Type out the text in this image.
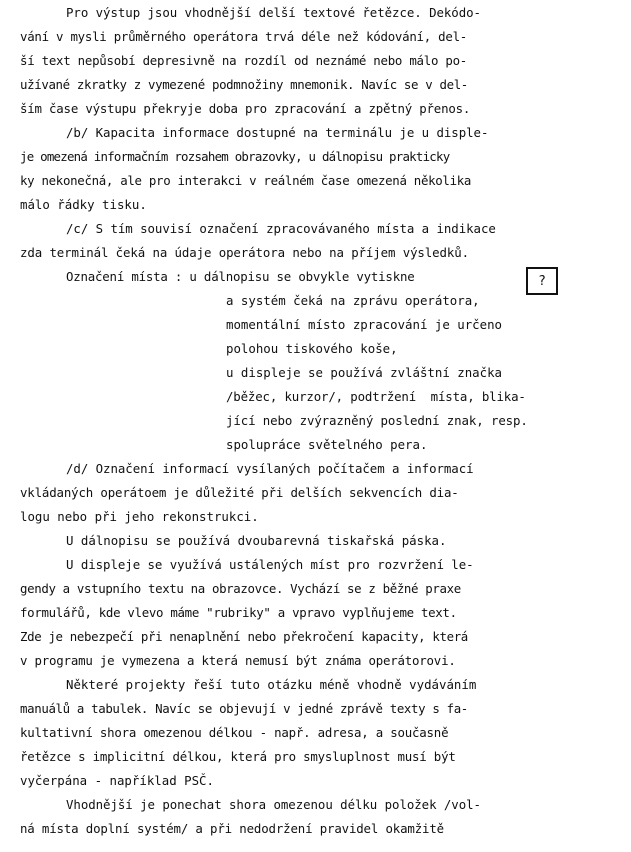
Pro výstup jsou vhodnější delší textové řetězce. Dekódo-
vání v mysli průměrného operátora trvá déle než kódování, del-
ší text nepůsobí depresivně na rozdíl od neznámé nebo málo po-
užívané zkratky z vymezené podmnožiny mnemonik. Navíc se v del-
ším čase výstupu překryje doba pro zpracování a zpětný přenos.
/b/ Kapacita informace dostupné na terminálu je u disple-
je omezená informačním rozsahem obrazovky, u dálnopisu prakticky
ky nekonečná, ale pro interakci v reálném čase omezená několika
málo řádky tisku.
/c/ S tím souvisí označení zpracovávaného místa a indikace
zda terminál čeká na údaje operátora nebo na příjem výsledků.
Označení místa : u dálnopisu se obvykle vytiskne	?
a systém čeká na zprávu operátora,
momentální místo zpracování je určeno
polohou tiskového koše,
u displeje se používá zvláštní značka
/běžec, kurzor/, podtržení  místa, blika-
jící nebo zvýrazněný poslední znak, resp.
spolupráce světelného pera.
/d/ Označení informací vysílaných počítačem a informací
vkládaných operátoem je důležité při delších sekvencích dia-
logu nebo při jeho rekonstrukci.
U dálnopisu se používá dvoubarevná tiskařská páska.
U displeje se využívá ustálených míst pro rozvržení le-
gendy a vstupního textu na obrazovce. Vychází se z běžné praxe
formulářů, kde vlevo máme "rubriky" a vpravo vyplňujeme text.
Zde je nebezpečí při nenaplnění nebo překročení kapacity, která
v programu je vymezena a která nemusí být známa operátorovi.
Některé projekty řeší tuto otázku méně vhodně vydáváním
manuálů a tabulek. Navíc se objevují v jedné zprávě texty s fa-
kultativní shora omezenou délkou - např. adresa, a současně
řetězce s implicitní délkou, která pro smysluplnost musí být
vyčerpána - například PSČ.
Vhodnější je ponechat shora omezenou délku položek /vol-
ná místa doplní systém/ a při nedodržení pravidel okamžitě
